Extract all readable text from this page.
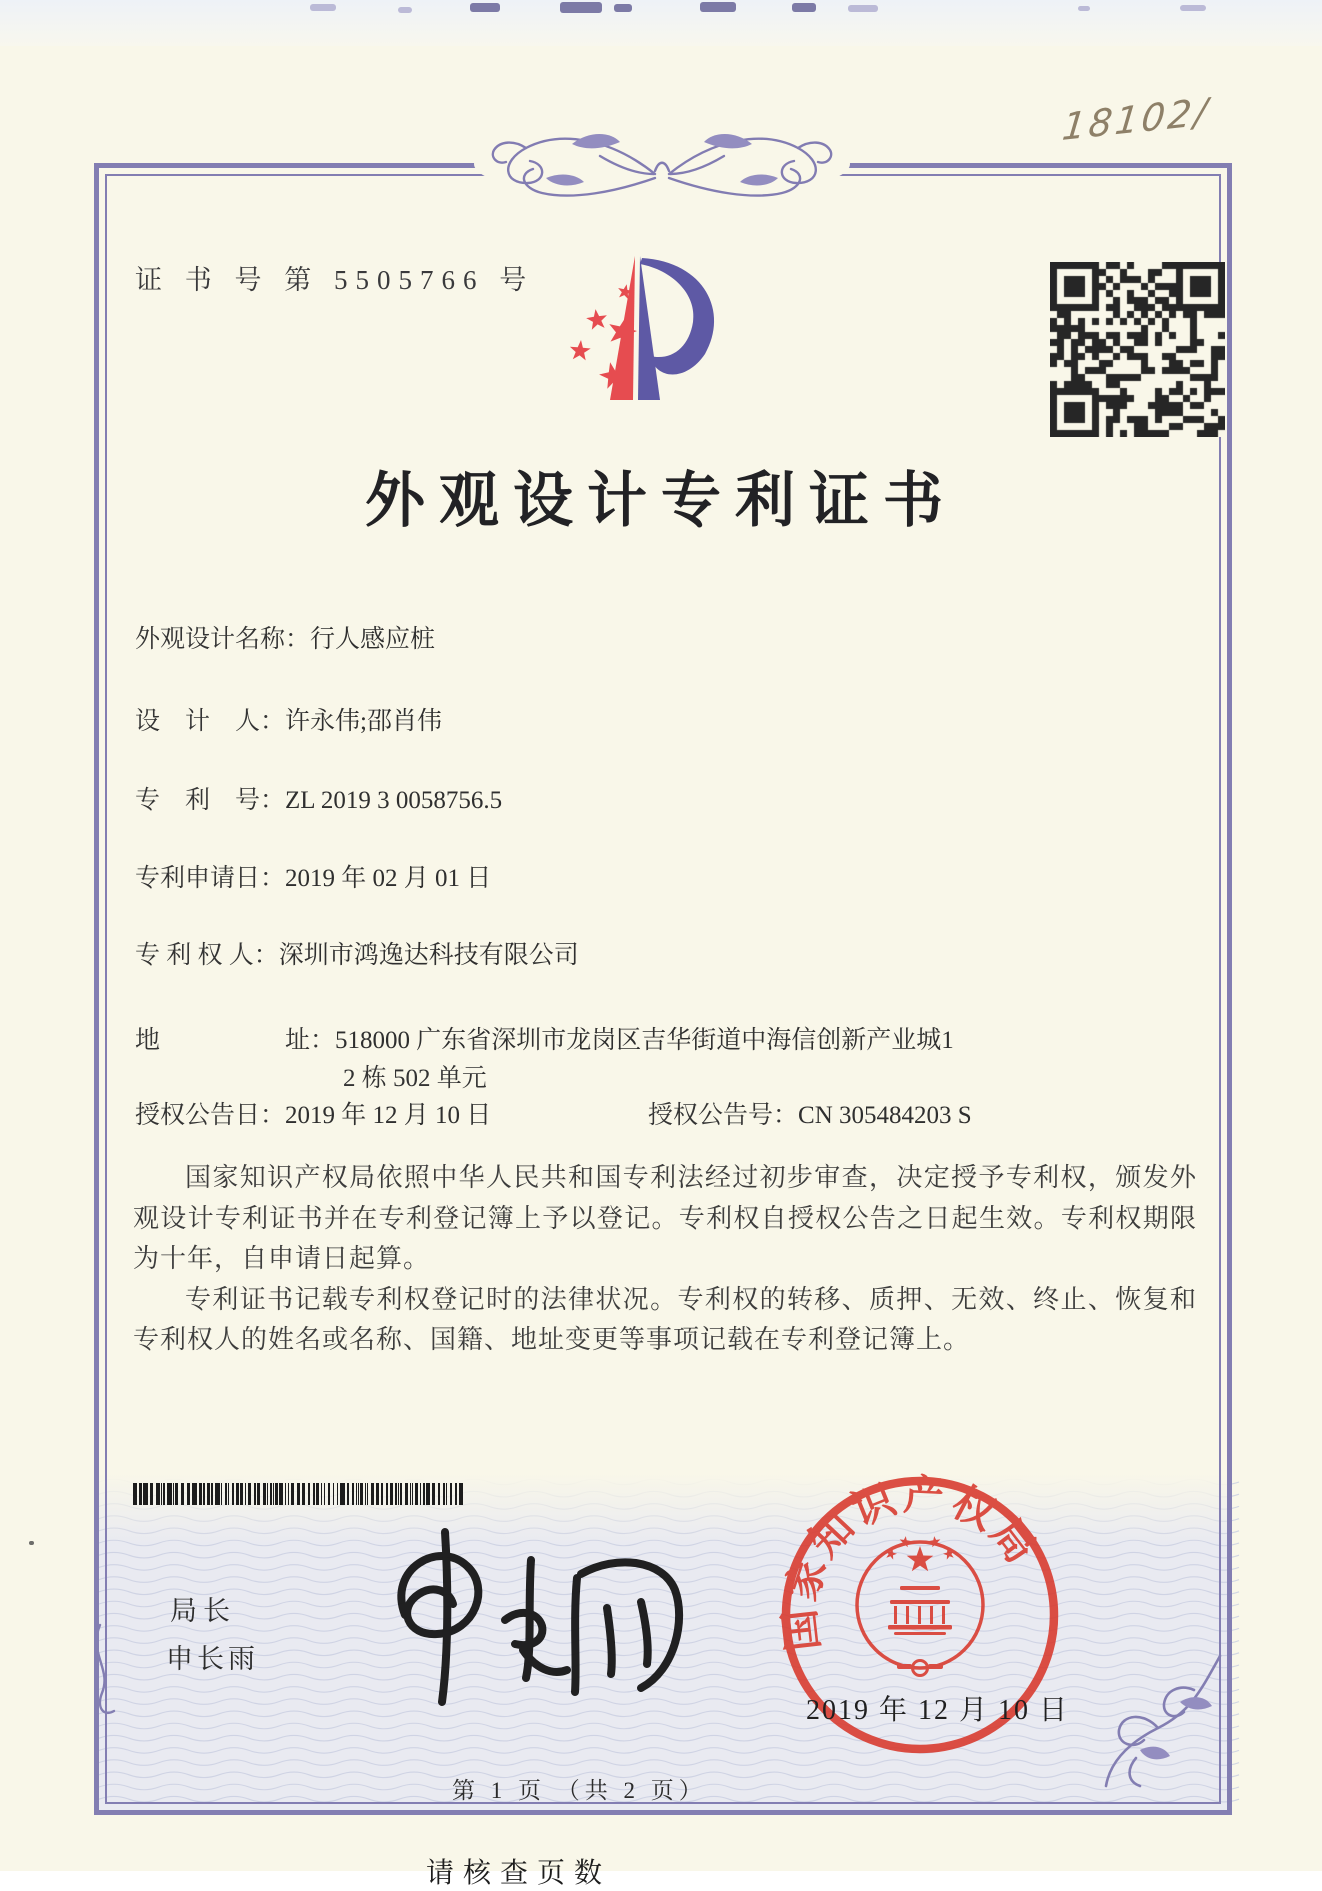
18102/
证 书 号 第 5505766 号
外观设计专利证书
外观设计名称：行人感应桩
设　计　人：许永伟;邵肖伟
专　利　号：ZL 2019 3 0058756.5
专利申请日：2019 年 02 月 01 日
专 利 权 人：深圳市鸿逸达科技有限公司
地　　　　　址：518000 广东省深圳市龙岗区吉华街道中海信创新产业城1
2 栋 502 单元
授权公告日：2019 年 12 月 10 日	授权公告号：CN 305484203 S

国家知识产权局依照中华人民共和国专利法经过初步审查，决定授予专利权，颁发外观设计专利证书并在专利登记簿上予以登记。专利权自授权公告之日起生效。专利权期限为十年，自申请日起算。

专利证书记载专利权登记时的法律状况。专利权的转移、质押、无效、终止、恢复和专利权人的姓名或名称、国籍、地址变更等事项记载在专利登记簿上。

局长
申长雨
国家知识产权局
2019 年 12 月 10 日
第 1 页 （共 2 页）
请核查页数
